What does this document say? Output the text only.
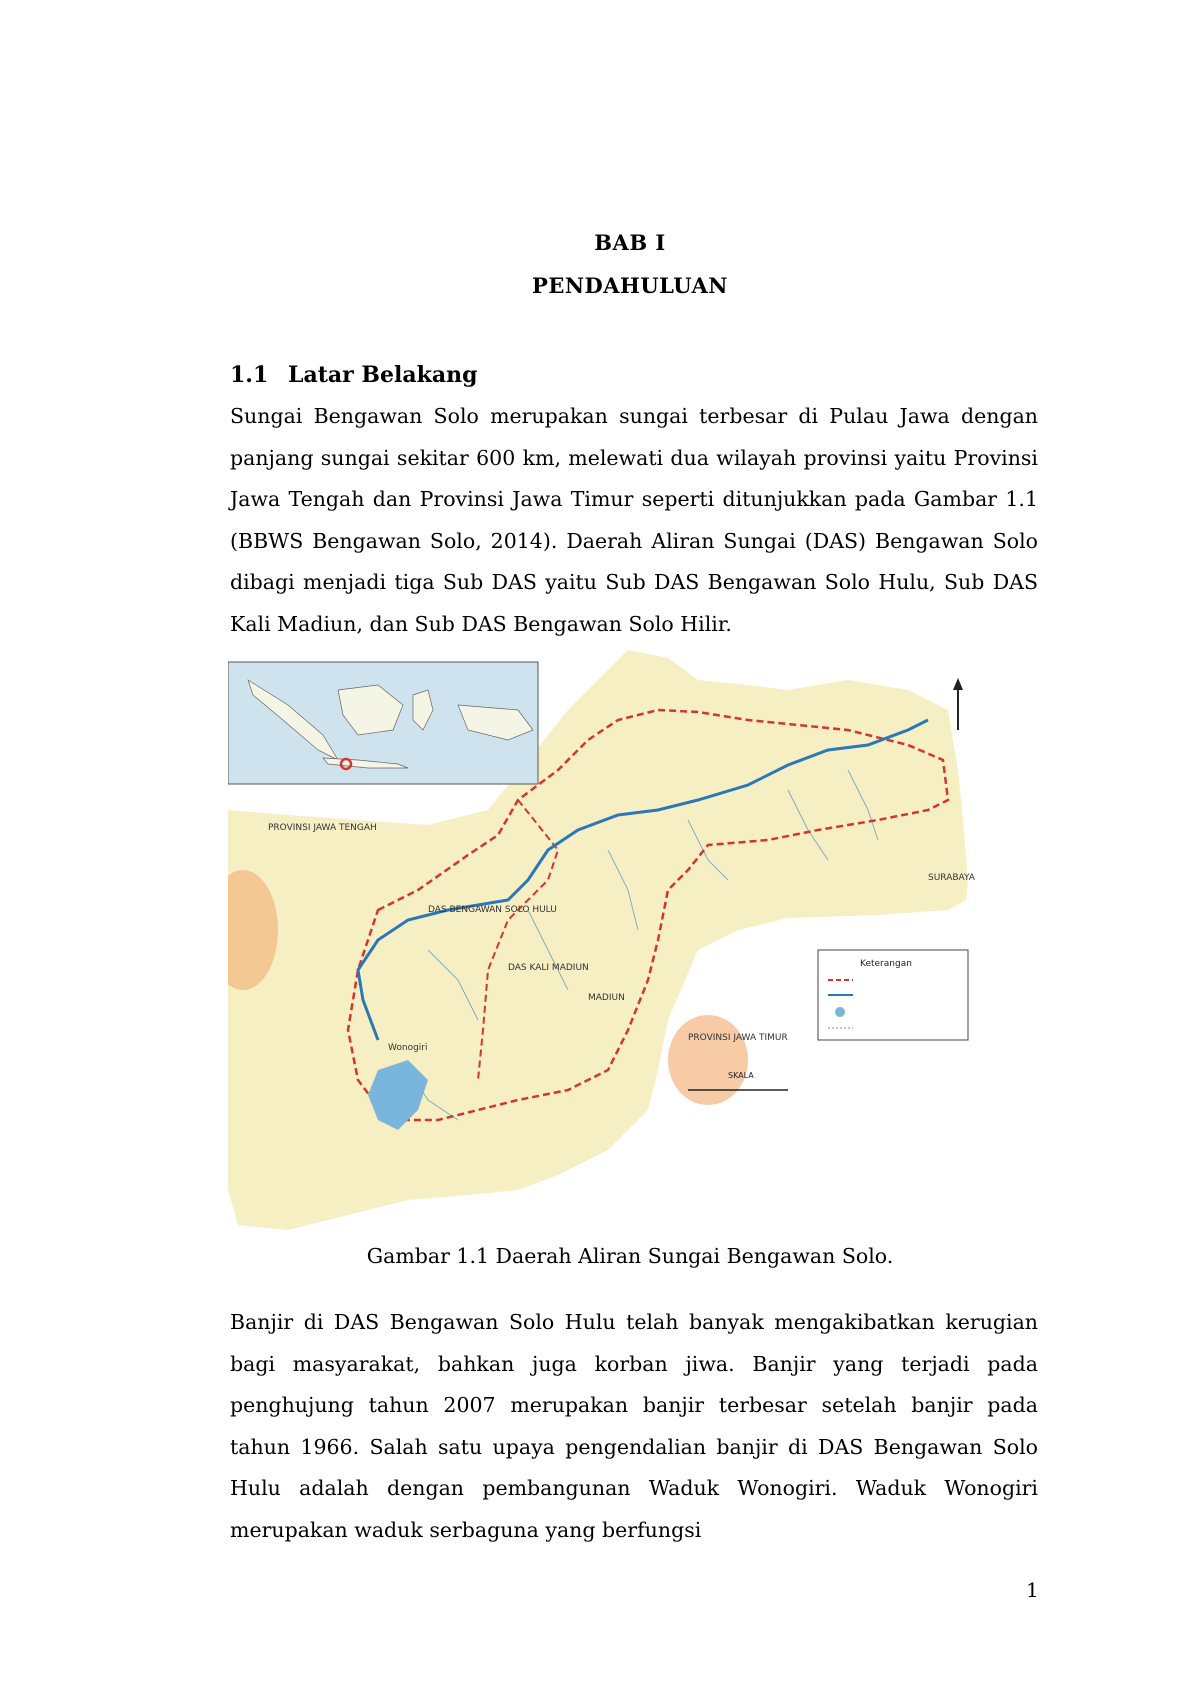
BAB I
PENDAHULUAN
1.1 Latar Belakang

Sungai Bengawan Solo merupakan sungai terbesar di Pulau Jawa dengan panjang sungai sekitar 600 km, melewati dua wilayah provinsi yaitu Provinsi Jawa Tengah dan Provinsi Jawa Timur seperti ditunjukkan pada Gambar 1.1 (BBWS Bengawan Solo, 2014). Daerah Aliran Sungai (DAS) Bengawan Solo dibagi menjadi tiga Sub DAS yaitu Sub DAS Bengawan Solo Hulu, Sub DAS Kali Madiun, dan Sub DAS Bengawan Solo Hilir.

PROVINSI JAWA TENGAH
PROVINSI JAWA TIMUR
DAS BENGAWAN SOLO HULU
DAS KALI MADIUN
SURABAYA
MADIUN
Wonogiri
Keterangan
SKALA
Gambar 1.1 Daerah Aliran Sungai Bengawan Solo.

Banjir di DAS Bengawan Solo Hulu telah banyak mengakibatkan kerugian bagi masyarakat, bahkan juga korban jiwa. Banjir yang terjadi pada penghujung tahun 2007 merupakan banjir terbesar setelah banjir pada tahun 1966. Salah satu upaya pengendalian banjir di DAS Bengawan Solo Hulu adalah dengan pembangunan Waduk Wonogiri. Waduk Wonogiri merupakan waduk serbaguna yang berfungsi

1
